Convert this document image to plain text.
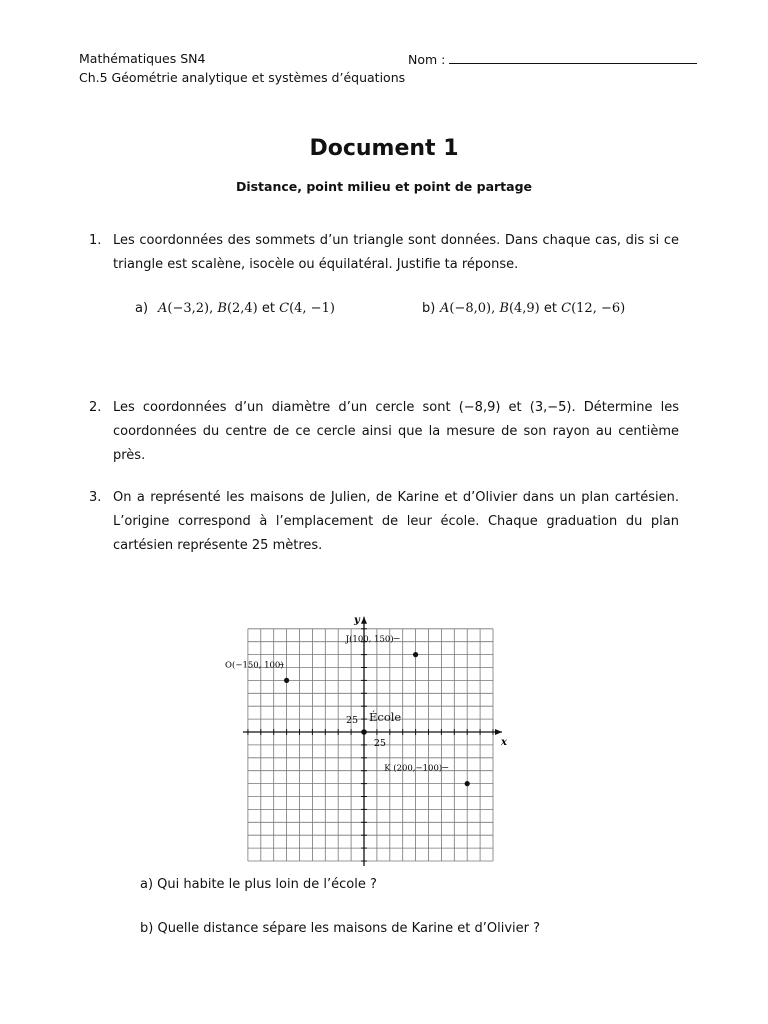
Mathématiques SN4
Ch.5 Géométrie analytique et systèmes d’équations
Nom :
Document 1
Distance, point milieu et point de partage
1. Les coordonnées des sommets d’un triangle sont données. Dans chaque cas, dis si ce triangle est scalène, isocèle ou équilatéral. Justifie ta réponse.
a) A(−3,2), B(2,4) et C(4, −1)	b) A(−8,0), B(4,9) et C(12, −6)
2. Les coordonnées d’un diamètre d’un cercle sont (−8,9) et (3,−5). Détermine les coordonnées du centre de ce cercle ainsi que la mesure de son rayon au centième près.
3. On a représenté les maisons de Julien, de Karine et d’Olivier dans un plan cartésien. L’origine correspond à l’emplacement de leur école. Chaque graduation du plan cartésien représente 25 mètres.
x
y
25
25
École
J(100, 150)
O(−150, 100)
K (200,−100)
a) Qui habite le plus loin de l’école ?
b) Quelle distance sépare les maisons de Karine et d’Olivier ?
